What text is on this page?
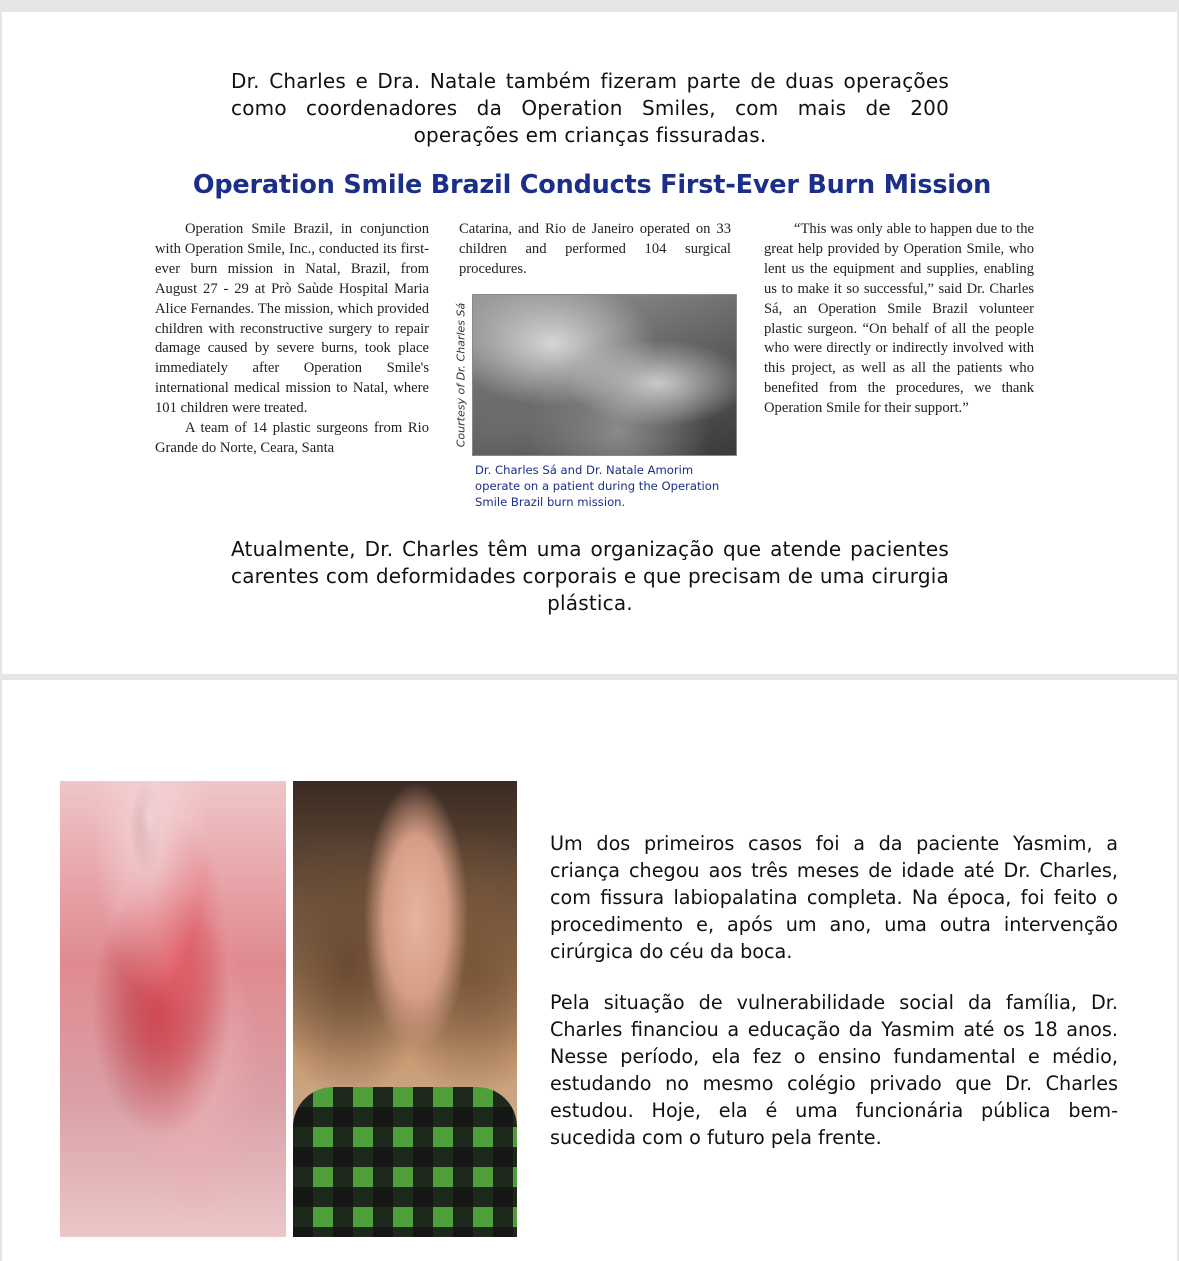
Dr. Charles e Dra. Natale também fizeram parte de duas operações como coordenadores da Operation Smiles, com mais de 200 operações em crianças fissuradas.

Operation Smile Brazil Conducts First-Ever Burn Mission

Operation Smile Brazil, in conjunction with Operation Smile, Inc., conducted its first-ever burn mission in Natal, Brazil, from August 27 - 29 at Prò Saùde Hospital Maria Alice Fernandes. The mission, which provided children with reconstructive surgery to repair damage caused by severe burns, took place immediately after Operation Smile's international medical mission to Natal, where 101 children were treated.

A team of 14 plastic surgeons from Rio Grande do Norte, Ceara, Santa

Catarina, and Rio de Janeiro operated on 33 children and performed 104 surgical procedures.

Courtesy of Dr. Charles Sá

Dr. Charles Sá and Dr. Natale Amorim operate on a patient during the Operation Smile Brazil burn mission.

“This was only able to happen due to the great help provided by Operation Smile, who lent us the equipment and supplies, enabling us to make it so successful,” said Dr. Charles Sá, an Operation Smile Brazil volunteer plastic surgeon. “On behalf of all the people who were directly or indirectly involved with this project, as well as all the patients who benefited from the procedures, we thank Operation Smile for their support.”

Atualmente, Dr. Charles têm uma organização que atende pacientes carentes com deformidades corporais e que precisam de uma cirurgia plástica.

Um dos primeiros casos foi a da paciente Yasmim, a criança chegou aos três meses de idade até Dr. Charles, com fissura labiopalatina completa. Na época, foi feito o procedimento e, após um ano, uma outra intervenção cirúrgica do céu da boca.

Pela situação de vulnerabilidade social da família, Dr. Charles financiou a educação da Yasmim até os 18 anos. Nesse período, ela fez o ensino fundamental e médio, estudando no mesmo colégio privado que Dr. Charles estudou. Hoje, ela é uma funcionária pública bem-sucedida com o futuro pela frente.
